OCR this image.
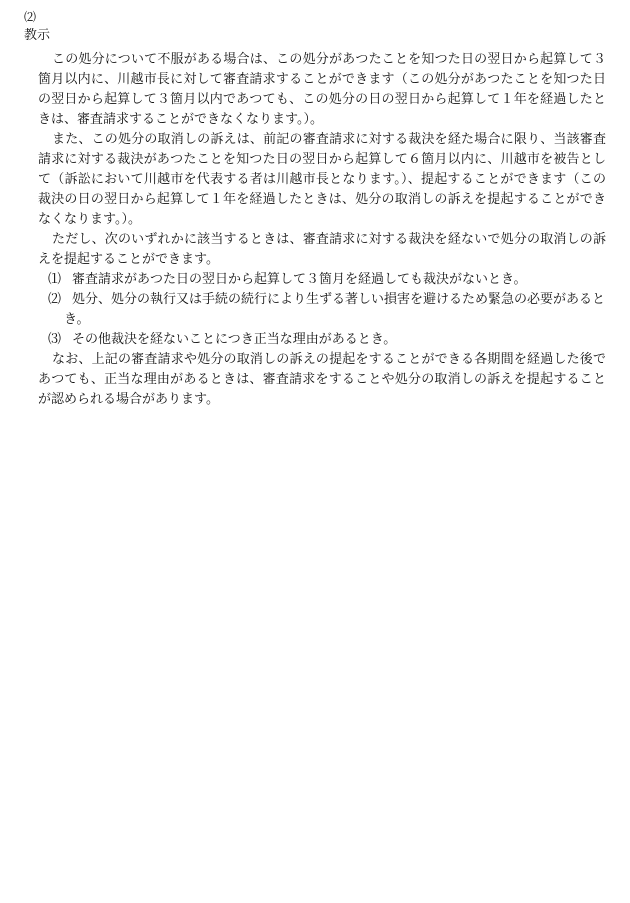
⑵

教示

この処分について不服がある場合は、この処分があつたことを知つた日の翌日から起算して３箇月以内に、川越市長に対して審査請求することができます（この処分があつたことを知つた日の翌日から起算して３箇月以内であつても、この処分の日の翌日から起算して１年を経過したときは、審査請求することができなくなります。）。

また、この処分の取消しの訴えは、前記の審査請求に対する裁決を経た場合に限り、当該審査請求に対する裁決があつたことを知つた日の翌日から起算して６箇月以内に、川越市を被告として（訴訟において川越市を代表する者は川越市長となります。）、提起することができます（この裁決の日の翌日から起算して１年を経過したときは、処分の取消しの訴えを提起することができなくなります。）。

ただし、次のいずれかに該当するときは、審査請求に対する裁決を経ないで処分の取消しの訴えを提起することができます。

⑴ 審査請求があつた日の翌日から起算して３箇月を経過しても裁決がないとき。

⑵ 処分、処分の執行又は手続の続行により生ずる著しい損害を避けるため緊急の必要があるとき。

⑶ その他裁決を経ないことにつき正当な理由があるとき。

なお、上記の審査請求や処分の取消しの訴えの提起をすることができる各期間を経過した後であつても、正当な理由があるときは、審査請求をすることや処分の取消しの訴えを提起することが認められる場合があります。
